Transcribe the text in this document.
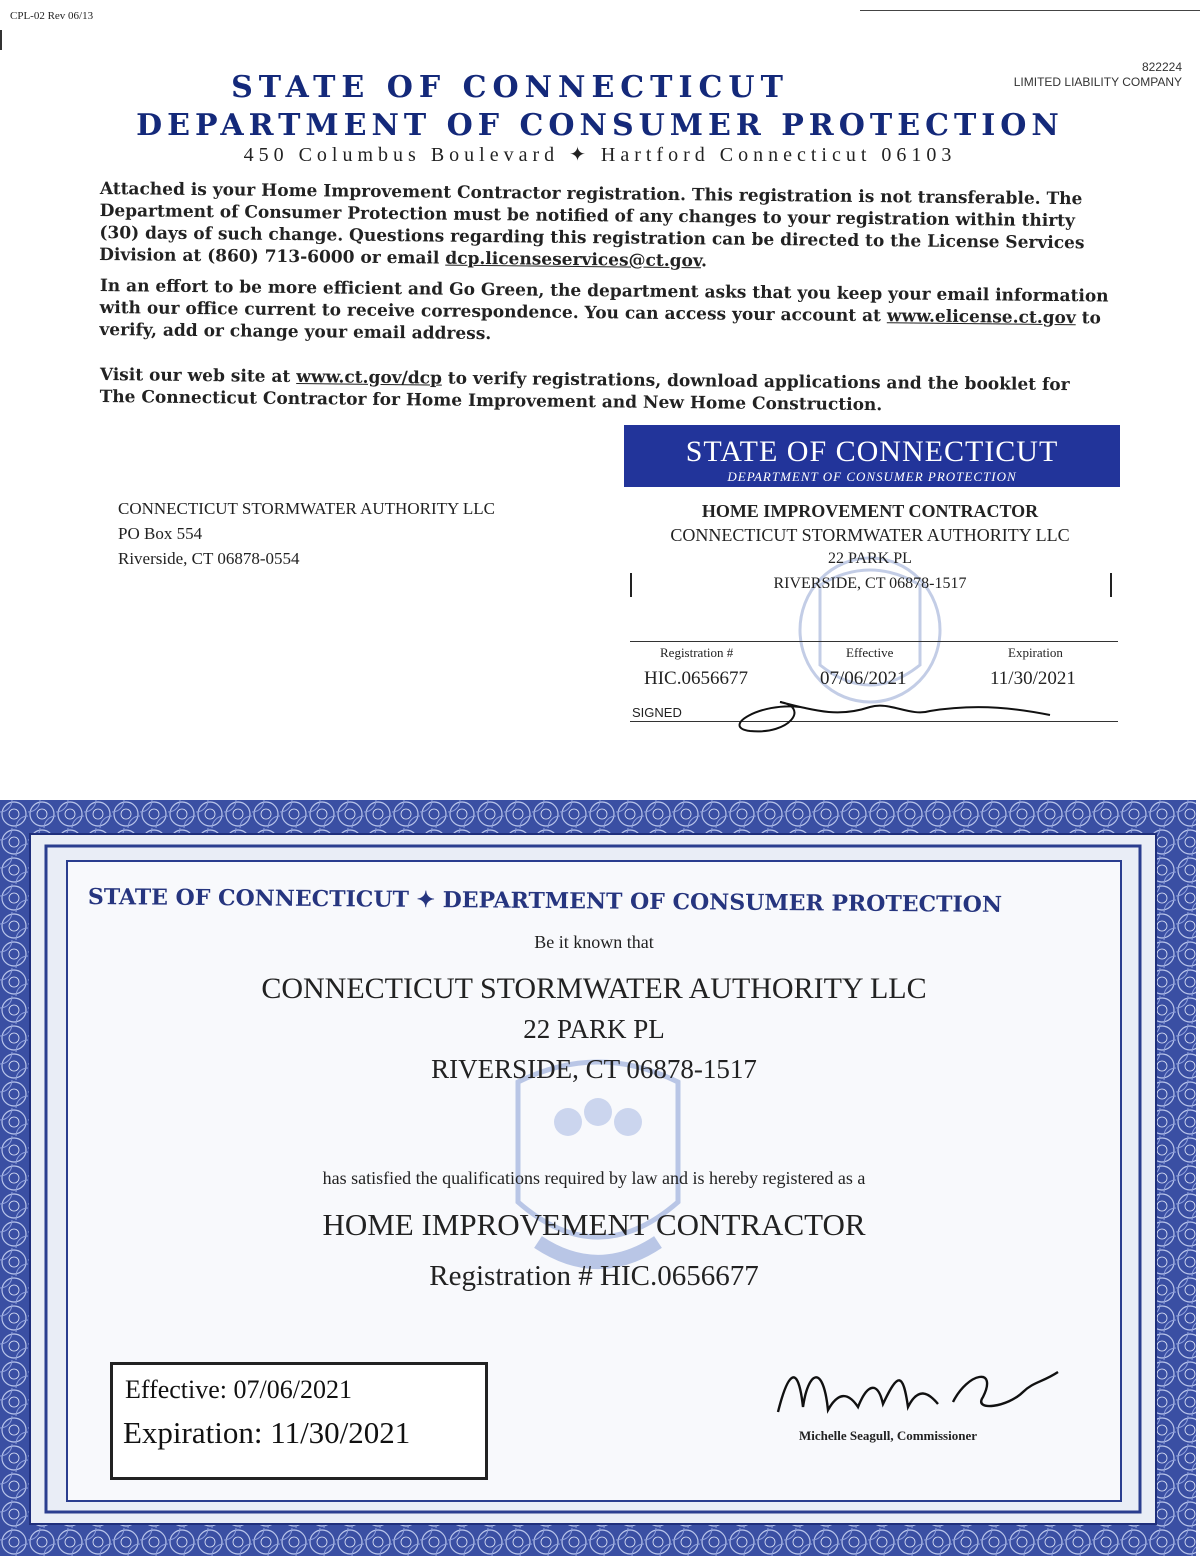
CPL-02 Rev 06/13
822224
LIMITED LIABILITY COMPANY
STATE OF CONNECTICUT
DEPARTMENT OF CONSUMER PROTECTION
450 Columbus Boulevard ✦ Hartford Connecticut 06103
Attached is your Home Improvement Contractor registration. This registration is not transferable. The Department of Consumer Protection must be notified of any changes to your registration within thirty (30) days of such change. Questions regarding this registration can be directed to the License Services Division at (860) 713-6000 or email dcp.licenseservices@ct.gov.
In an effort to be more efficient and Go Green, the department asks that you keep your email information with our office current to receive correspondence. You can access your account at www.elicense.ct.gov to verify, add or change your email address.
Visit our web site at www.ct.gov/dcp to verify registrations, download applications and the booklet for The Connecticut Contractor for Home Improvement and New Home Construction.
CONNECTICUT STORMWATER AUTHORITY LLC
PO Box 554
Riverside, CT 06878-0554
STATE OF CONNECTICUT
DEPARTMENT OF CONSUMER PROTECTION
HOME IMPROVEMENT CONTRACTOR
CONNECTICUT STORMWATER AUTHORITY LLC
22 PARK PL
RIVERSIDE, CT 06878-1517
Registration #	Effective	Expiration
HIC.0656677	07/06/2021	11/30/2021
SIGNED
STATE OF CONNECTICUT ✦ DEPARTMENT OF CONSUMER PROTECTION
Be it known that
CONNECTICUT STORMWATER AUTHORITY LLC
22 PARK PL
RIVERSIDE, CT 06878-1517
has satisfied the qualifications required by law and is hereby registered as a
HOME IMPROVEMENT CONTRACTOR
Registration # HIC.0656677
Effective: 07/06/2021
Expiration: 11/30/2021	Michelle Seagull, Commissioner
